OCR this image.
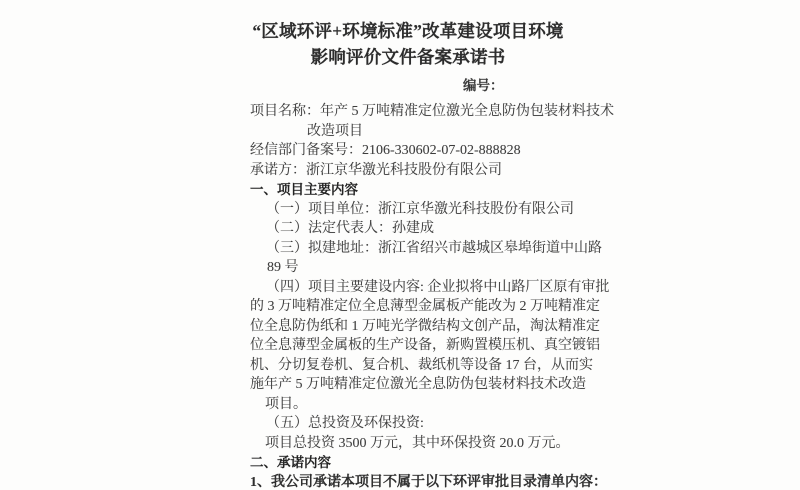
“区域环评+环境标准”改革建设项目环境
影响评价文件备案承诺书
编号：
项目名称：年产 5 万吨精准定位激光全息防伪包装材料技术
改造项目
经信部门备案号：2106-330602-07-02-888828
承诺方：浙江京华激光科技股份有限公司
一、项目主要内容
（一）项目单位：浙江京华激光科技股份有限公司
（二）法定代表人：孙建成
（三）拟建地址：浙江省绍兴市越城区皋埠街道中山路
89 号
（四）项目主要建设内容: 企业拟将中山路厂区原有审批
的 3 万吨精准定位全息薄型金属板产能改为 2 万吨精准定
位全息防伪纸和 1 万吨光学微结构文创产品，淘汰精准定
位全息薄型金属板的生产设备，新购置模压机、真空镀铝
机、分切复卷机、复合机、裁纸机等设备 17 台，从而实
施年产 5 万吨精准定位激光全息防伪包装材料技术改造
项目。
（五）总投资及环保投资:
项目总投资 3500 万元，其中环保投资 20.0 万元。
二、承诺内容
1、我公司承诺本项目不属于以下环评审批目录清单内容：
